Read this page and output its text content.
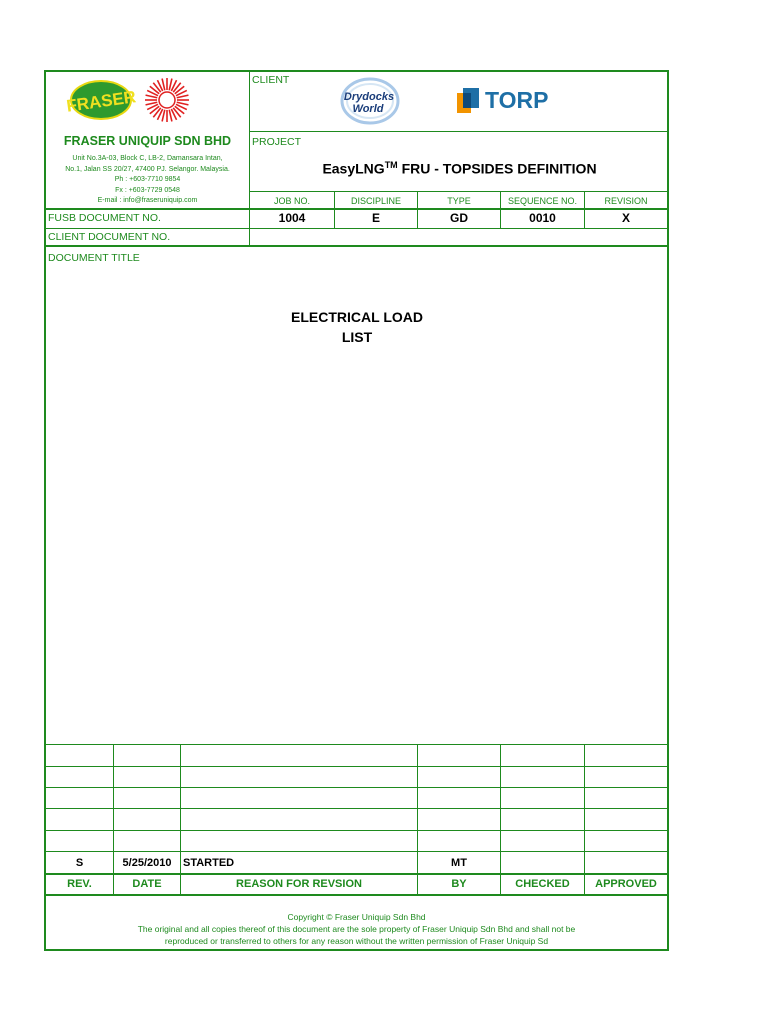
FRASER
FRASER UNIQUIP SDN BHD
Unit No.3A-03, Block C, LB-2, Damansara Intan,
No.1, Jalan SS 20/27, 47400 PJ. Selangor. Malaysia.
Ph : +603-7710 9854
Fx : +603-7729 0548
E-mail : info@fraseruniquip.com
CLIENT
Drydocks
World	TORP
PROJECT
EasyLNG™ FRU - TOPSIDES DEFINITION
JOB NO.	DISCIPLINE	TYPE	SEQUENCE NO.	REVISION
FUSB DOCUMENT NO.	1004	E	GD	0010	X
CLIENT DOCUMENT NO.
DOCUMENT TITLE
ELECTRICAL LOAD
LIST
S	5/25/2010	STARTED	MT
REV.	DATE	REASON FOR REVSION	BY	CHECKED	APPROVED
Copyright © Fraser Uniquip Sdn Bhd
The original and all copies thereof of this document are the sole property of Fraser Uniquip Sdn Bhd and shall not be
reproduced or transferred to others for any reason without the written permission of Fraser Uniquip Sd
